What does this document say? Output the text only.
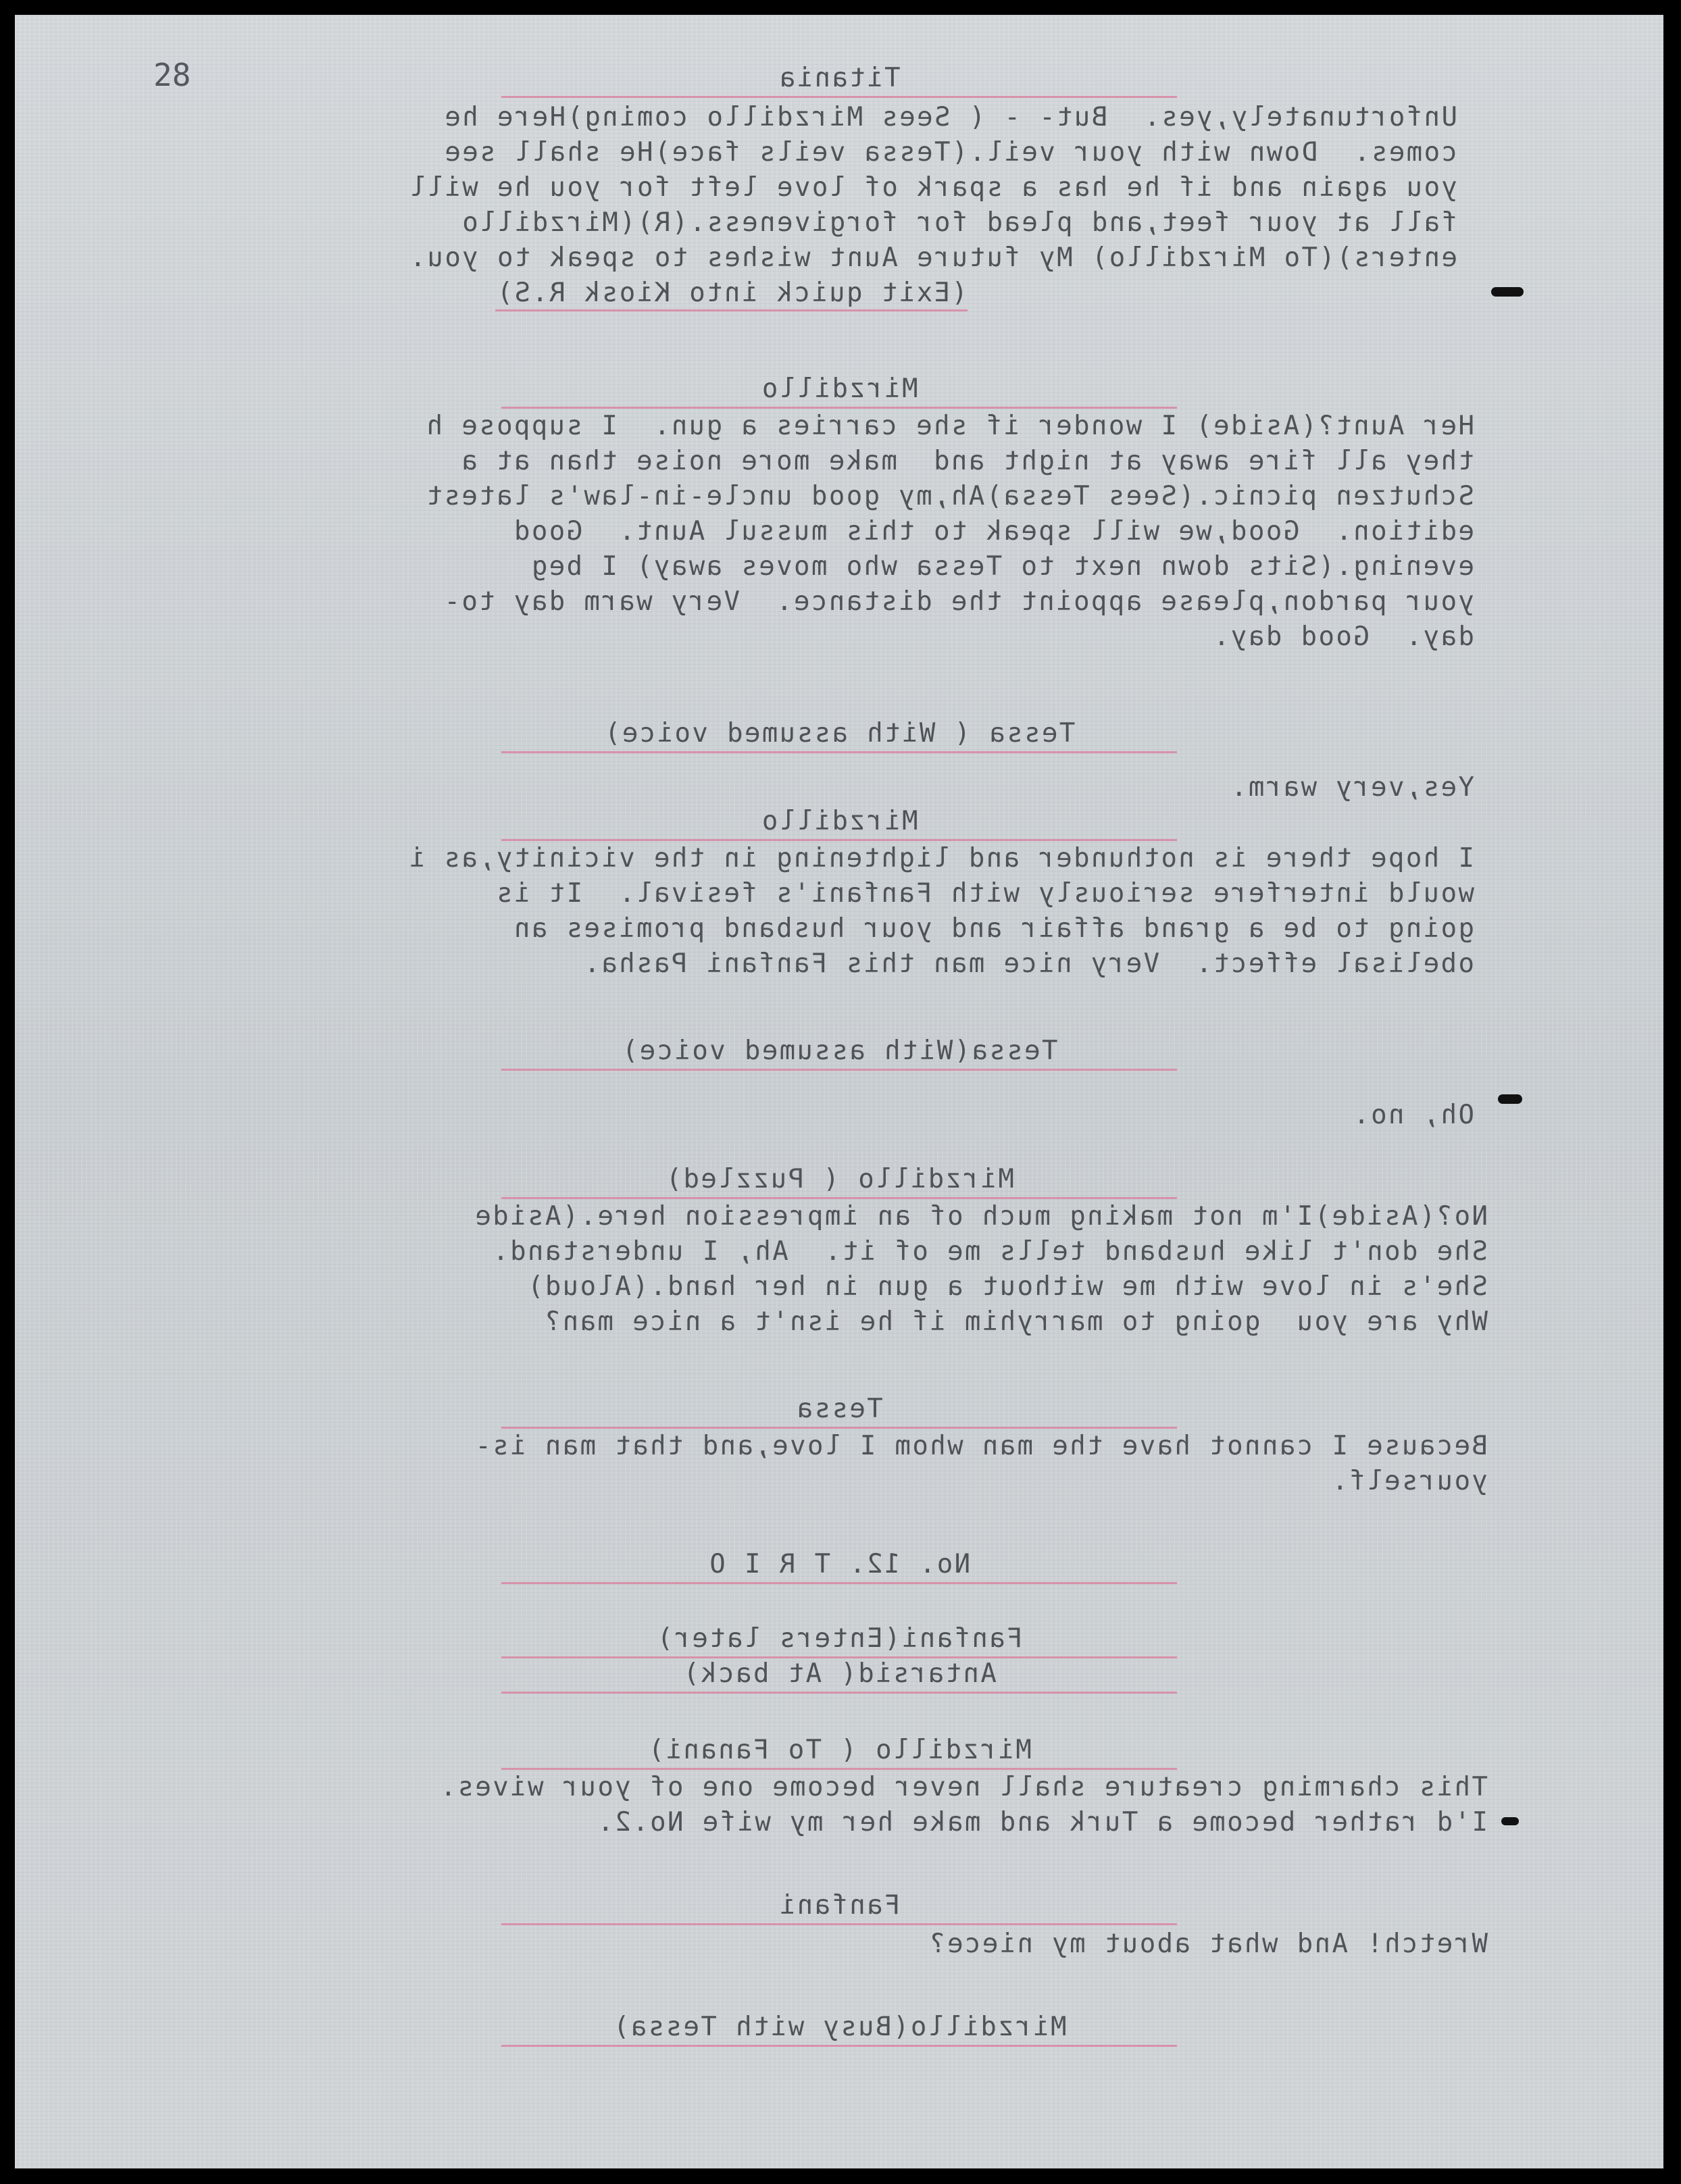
Titania
Unfortunately,yes.  But- - ( Sees Mirzdillo coming)Here he
comes.  Down with your veil.(Tessa veils face)He shall see
you again and if he has a spark of love left for you he will
fall at your feet,and plead for forgiveness.(R)(Mirzdillo
enters)(To Mirzdillo) My future Aunt wishes to speak to you.
(Exit quick into Kiosk R.S)
Mirzdillo
Her Aunt?(Aside) I wonder if she carries a gun.  I suppose h
they all fire away at night and  make more noise than at a
Schutzen picnic.(Sees Tessa)Ah,my good uncle-in-law's latest
edition.  Good,we will speak to this mussul Aunt.  Good
evening.(Sits down next to Tessa who moves away) I beg
your pardon,please appoint the distance.  Very warm day to-
day.  Good day.
Tessa ( With assumed voice)
Yes,very warm.
Mirzdillo
I hope there is nothunder and lightening in the vicinity,as i
would interfere seriously with Fanfani's fesival.  It is
going to be a grand affair and your husband promises an
obelisal effect.  Very nice man this Fanfani Pasha.
Tessa(With assumed voice)
Oh, no.
Mirzdillo ( Puzzled)
No?(Aside)I'm not making much of an impression here.(Aside
She don't like husband tells me of it.  Ah, I understand.
She's in love with me without a gun in her hand.(Aloud)
Why are you  going to marryhim if he isn't a nice man?
Tessa
Because I cannot have the man whom I love,and that man is-
yourself.
No. 12. T R I O
Fanfani(Enters later)
Antarsid( At back)
Mirzdillo ( To Fanani)
This charming creature shall never become one of your wives.
I'd rather become a Turk and make her my wife No.2.
Fanfani
Wretch! And what about my niece?
Mirzdillo(Busy with Tessa)
28
